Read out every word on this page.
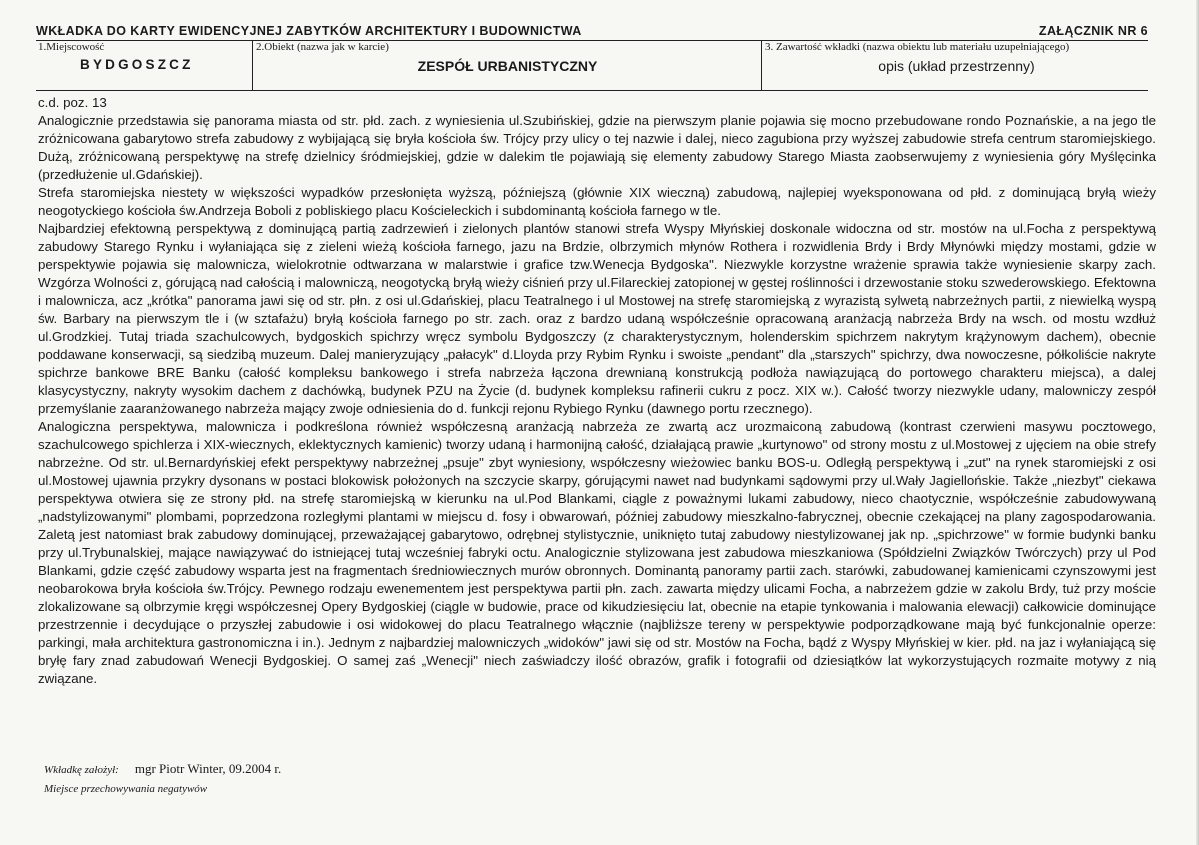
WKŁADKA DO KARTY EWIDENCYJNEJ ZABYTKÓW ARCHITEKTURY I BUDOWNICTWA	ZAŁĄCZNIK NR 6
1.Miejscowość
BYDGOSZCZ
2.Obiekt (nazwa jak w karcie)
ZESPÓŁ URBANISTYCZNY
3. Zawartość wkładki (nazwa obiektu lub materiału uzupełniającego)
opis (układ przestrzenny)

c.d. poz. 13

Analogicznie przedstawia się panorama miasta od str. płd. zach. z wyniesienia ul.Szubińskiej, gdzie na pierwszym planie pojawia się mocno przebudowane rondo Poznańskie, a na jego tle zróżnicowana gabarytowo strefa zabudowy z wybijającą się bryła kościoła św. Trójcy przy ulicy o tej nazwie i dalej, nieco zagubiona przy wyższej zabudowie strefa centrum staromiejskiego. Dużą, zróżnicowaną perspektywę na strefę dzielnicy śródmiejskiej, gdzie w dalekim tle pojawiają się elementy zabudowy Starego Miasta zaobserwujemy z wyniesienia góry Myślęcinka (przedłużenie ul.Gdańskiej).

Strefa staromiejska niestety w większości wypadków przesłonięta wyższą, późniejszą (głównie XIX wieczną) zabudową, najlepiej wyeksponowana od płd. z dominującą bryłą wieży neogotyckiego kościoła św.Andrzeja Boboli z pobliskiego placu Kościeleckich i subdominantą kościoła farnego w tle.

Najbardziej efektowną perspektywą z dominującą partią zadrzewień i zielonych plantów stanowi strefa Wyspy Młyńskiej doskonale widoczna od str. mostów na ul.Focha z perspektywą zabudowy Starego Rynku i wyłaniająca się z zieleni wieżą kościoła farnego, jazu na Brdzie, olbrzymich młynów Rothera i rozwidlenia Brdy i Brdy Młynówki między mostami, gdzie w perspektywie pojawia się malownicza, wielokrotnie odtwarzana w malarstwie i grafice tzw.Wenecja Bydgoska". Niezwykle korzystne wrażenie sprawia także wyniesienie skarpy zach. Wzgórza Wolności z, górującą nad całością i malowniczą, neogotycką bryłą wieży ciśnień przy ul.Filareckiej zatopionej w gęstej roślinności i drzewostanie stoku szwederowskiego. Efektowna i malownicza, acz „krótka" panorama jawi się od str. płn. z osi ul.Gdańskiej, placu Teatralnego i ul Mostowej na strefę staromiejską z wyrazistą sylwetą nabrzeżnych partii, z niewielką wyspą św. Barbary na pierwszym tle i (w sztafażu) bryłą kościoła farnego po str. zach. oraz z bardzo udaną współcześnie opracowaną aranżacją nabrzeża Brdy na wsch. od mostu wzdłuż ul.Grodzkiej. Tutaj triada szachulcowych, bydgoskich spichrzy wręcz symbolu Bydgoszczy (z charakterystycznym, holenderskim spichrzem nakrytym krążynowym dachem), obecnie poddawane konserwacji, są siedzibą muzeum. Dalej manieryzujący „pałacyk" d.Lloyda przy Rybim Rynku i swoiste „pendant" dla „starszych" spichrzy, dwa nowoczesne, półkoliście nakryte spichrze bankowe BRE Banku (całość kompleksu bankowego i strefa nabrzeża łączona drewnianą konstrukcją podłoża nawiązującą do portowego charakteru miejsca), a dalej klasycystyczny, nakryty wysokim dachem z dachówką, budynek PZU na Życie (d. budynek kompleksu rafinerii cukru z pocz. XIX w.). Całość tworzy niezwykle udany, malowniczy zespół przemyślanie zaaranżowanego nabrzeża mający zwoje odniesienia do d. funkcji rejonu Rybiego Rynku (dawnego portu rzecznego).

Analogiczna perspektywa, malownicza i podkreślona również współczesną aranżacją nabrzeża ze zwartą acz urozmaiconą zabudową (kontrast czerwieni masywu pocztowego, szachulcowego spichlerza i XIX-wiecznych, eklektycznych kamienic) tworzy udaną i harmonijną całość, działającą prawie „kurtynowo" od strony mostu z ul.Mostowej z ujęciem na obie strefy nabrzeżne. Od str. ul.Bernardyńskiej efekt perspektywy nabrzeżnej „psuje" zbyt wyniesiony, współczesny wieżowiec banku BOS-u. Odległą perspektywą i „zut" na rynek staromiejski z osi ul.Mostowej ujawnia przykry dysonans w postaci blokowisk położonych na szczycie skarpy, górującymi nawet nad budynkami sądowymi przy ul.Wały Jagiellońskie. Także „niezbyt" ciekawa perspektywa otwiera się ze strony płd. na strefę staromiejską w kierunku na ul.Pod Blankami, ciągle z poważnymi lukami zabudowy, nieco chaotycznie, współcześnie zabudowywaną „nadstylizowanymi" plombami, poprzedzona rozległymi plantami w miejscu d. fosy i obwarowań, później zabudowy mieszkalno-fabrycznej, obecnie czekającej na plany zagospodarowania. Zaletą jest natomiast brak zabudowy dominującej, przeważającej gabarytowo, odrębnej stylistycznie, unikniętо tutaj zabudowy niestylizowanej jak np. „spichrzowe" w formie budynki banku przy ul.Trybunalskiej, mające nawiązywać do istniejącej tutaj wcześniej fabryki octu. Analogicznie stylizowana jest zabudowa mieszkaniowa (Spółdzielni Związków Twórczych) przy ul Pod Blankami, gdzie część zabudowy wsparta jest na fragmentach średniowiecznych murów obronnych. Dominantą panoramy partii zach. starówki, zabudowanej kamienicami czynszowymi jest neobarokowa bryła kościoła św.Trójcy. Pewnego rodzaju ewenementem jest perspektywa partii płn. zach. zawarta między ulicami Focha, a nabrzeżem gdzie w zakolu Brdy, tuż przy moście zlokalizowane są olbrzymie kręgi współczesnej Opery Bydgoskiej (ciągle w budowie, prace od kikudziesięciu lat, obecnie na etapie tynkowania i malowania elewacji) całkowicie dominujące przestrzennie i decydujące o przyszłej zabudowie i osi widokowej do placu Teatralnego włącznie (najbliższe tereny w perspektywie podporządkowane mają być funkcjonalnie operze: parkingi, mała architektura gastronomiczna i in.). Jednym z najbardziej malowniczych „widoków" jawi się od str. Mostów na Focha, bądź z Wyspy Młyńskiej w kier. płd. na jaz i wyłaniającą się bryłę fary znad zabudowań Wenecji Bydgoskiej. O samej zaś „Wenecji" niech zaświadczy ilość obrazów, grafik i fotografii od dziesiątków lat wykorzystujących rozmaite motywy z nią związane.

Wkładkę założył: mgr Piotr Winter, 09.2004 r.
Miejsce przechowywania negatywów
